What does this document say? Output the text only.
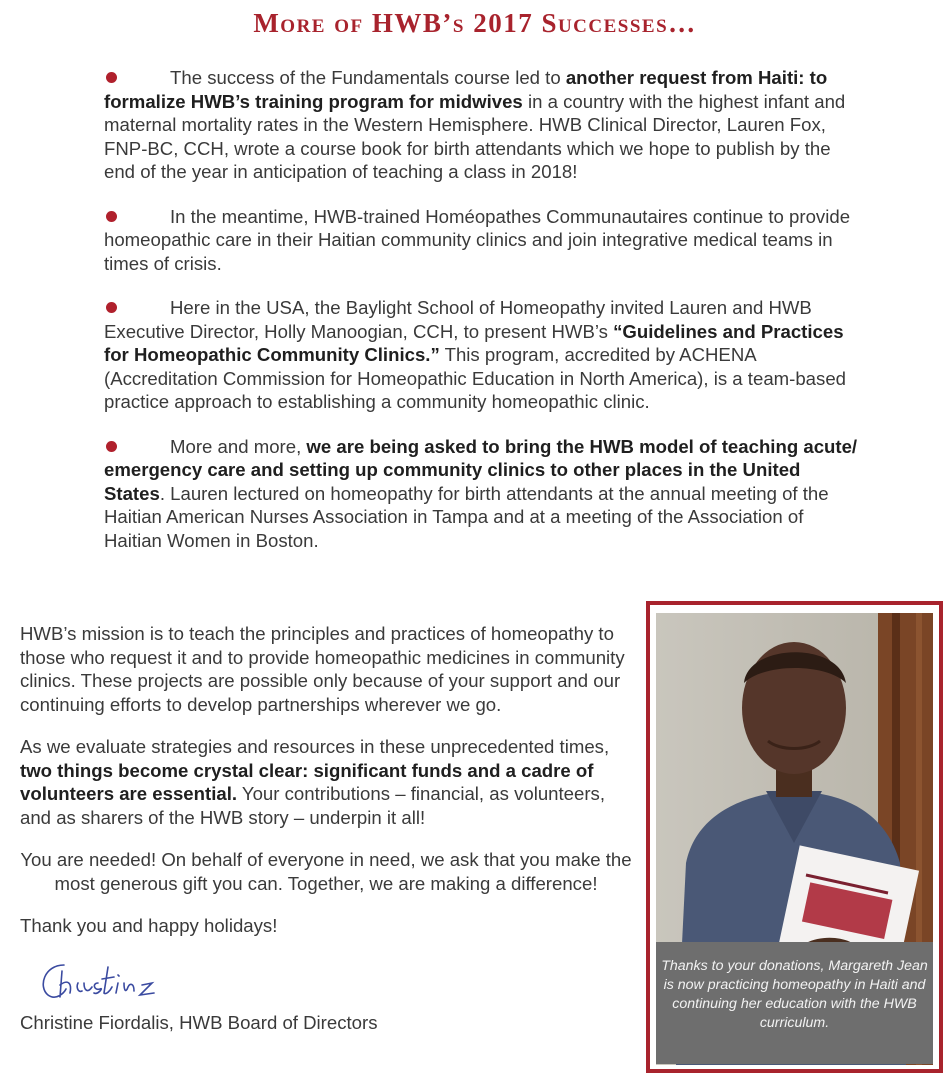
More of HWB’s 2017 Successes…
The success of the Fundamentals course led to another request from Haiti: to formalize HWB’s training program for midwives in a country with the highest infant and maternal mortality rates in the Western Hemisphere. HWB Clinical Director, Lauren Fox, FNP-BC, CCH, wrote a course book for birth attendants which we hope to publish by the end of the year in anticipation of teaching a class in 2018!
In the meantime, HWB-trained Homéopathes Communautaires continue to provide homeopathic care in their Haitian community clinics and join integrative medical teams in times of crisis.
Here in the USA, the Baylight School of Homeopathy invited Lauren and HWB Executive Director, Holly Manoogian, CCH, to present HWB’s “Guidelines and Practices for Homeopathic Community Clinics.” This program, accredited by ACHENA (Accreditation Commission for Homeopathic Education in North America), is a team-based practice approach to establishing a community homeopathic clinic.
More and more, we are being asked to bring the HWB model of teaching acute/ emergency care and setting up community clinics to other places in the United States. Lauren lectured on homeopathy for birth attendants at the annual meeting of the Haitian American Nurses Association in Tampa and at a meeting of the Association of Haitian Women in Boston.

HWB’s mission is to teach the principles and practices of homeopathy to those who request it and to provide homeopathic medicines in community clinics. These projects are possible only because of your support and our continuing efforts to develop partnerships wherever we go.

As we evaluate strategies and resources in these unprecedented times, two things become crystal clear: significant funds and a cadre of volunteers are essential. Your contributions – financial, as volunteers, and as sharers of the HWB story – underpin it all!

You are needed! On behalf of everyone in need, we ask that you make the most generous gift you can. Together, we are making a difference!

Thank you and happy holidays!

Christine Fiordalis, HWB Board of Directors
Thanks to your donations, Margareth Jean is now practicing homeopathy in Haiti and continuing her education with the HWB curriculum.
